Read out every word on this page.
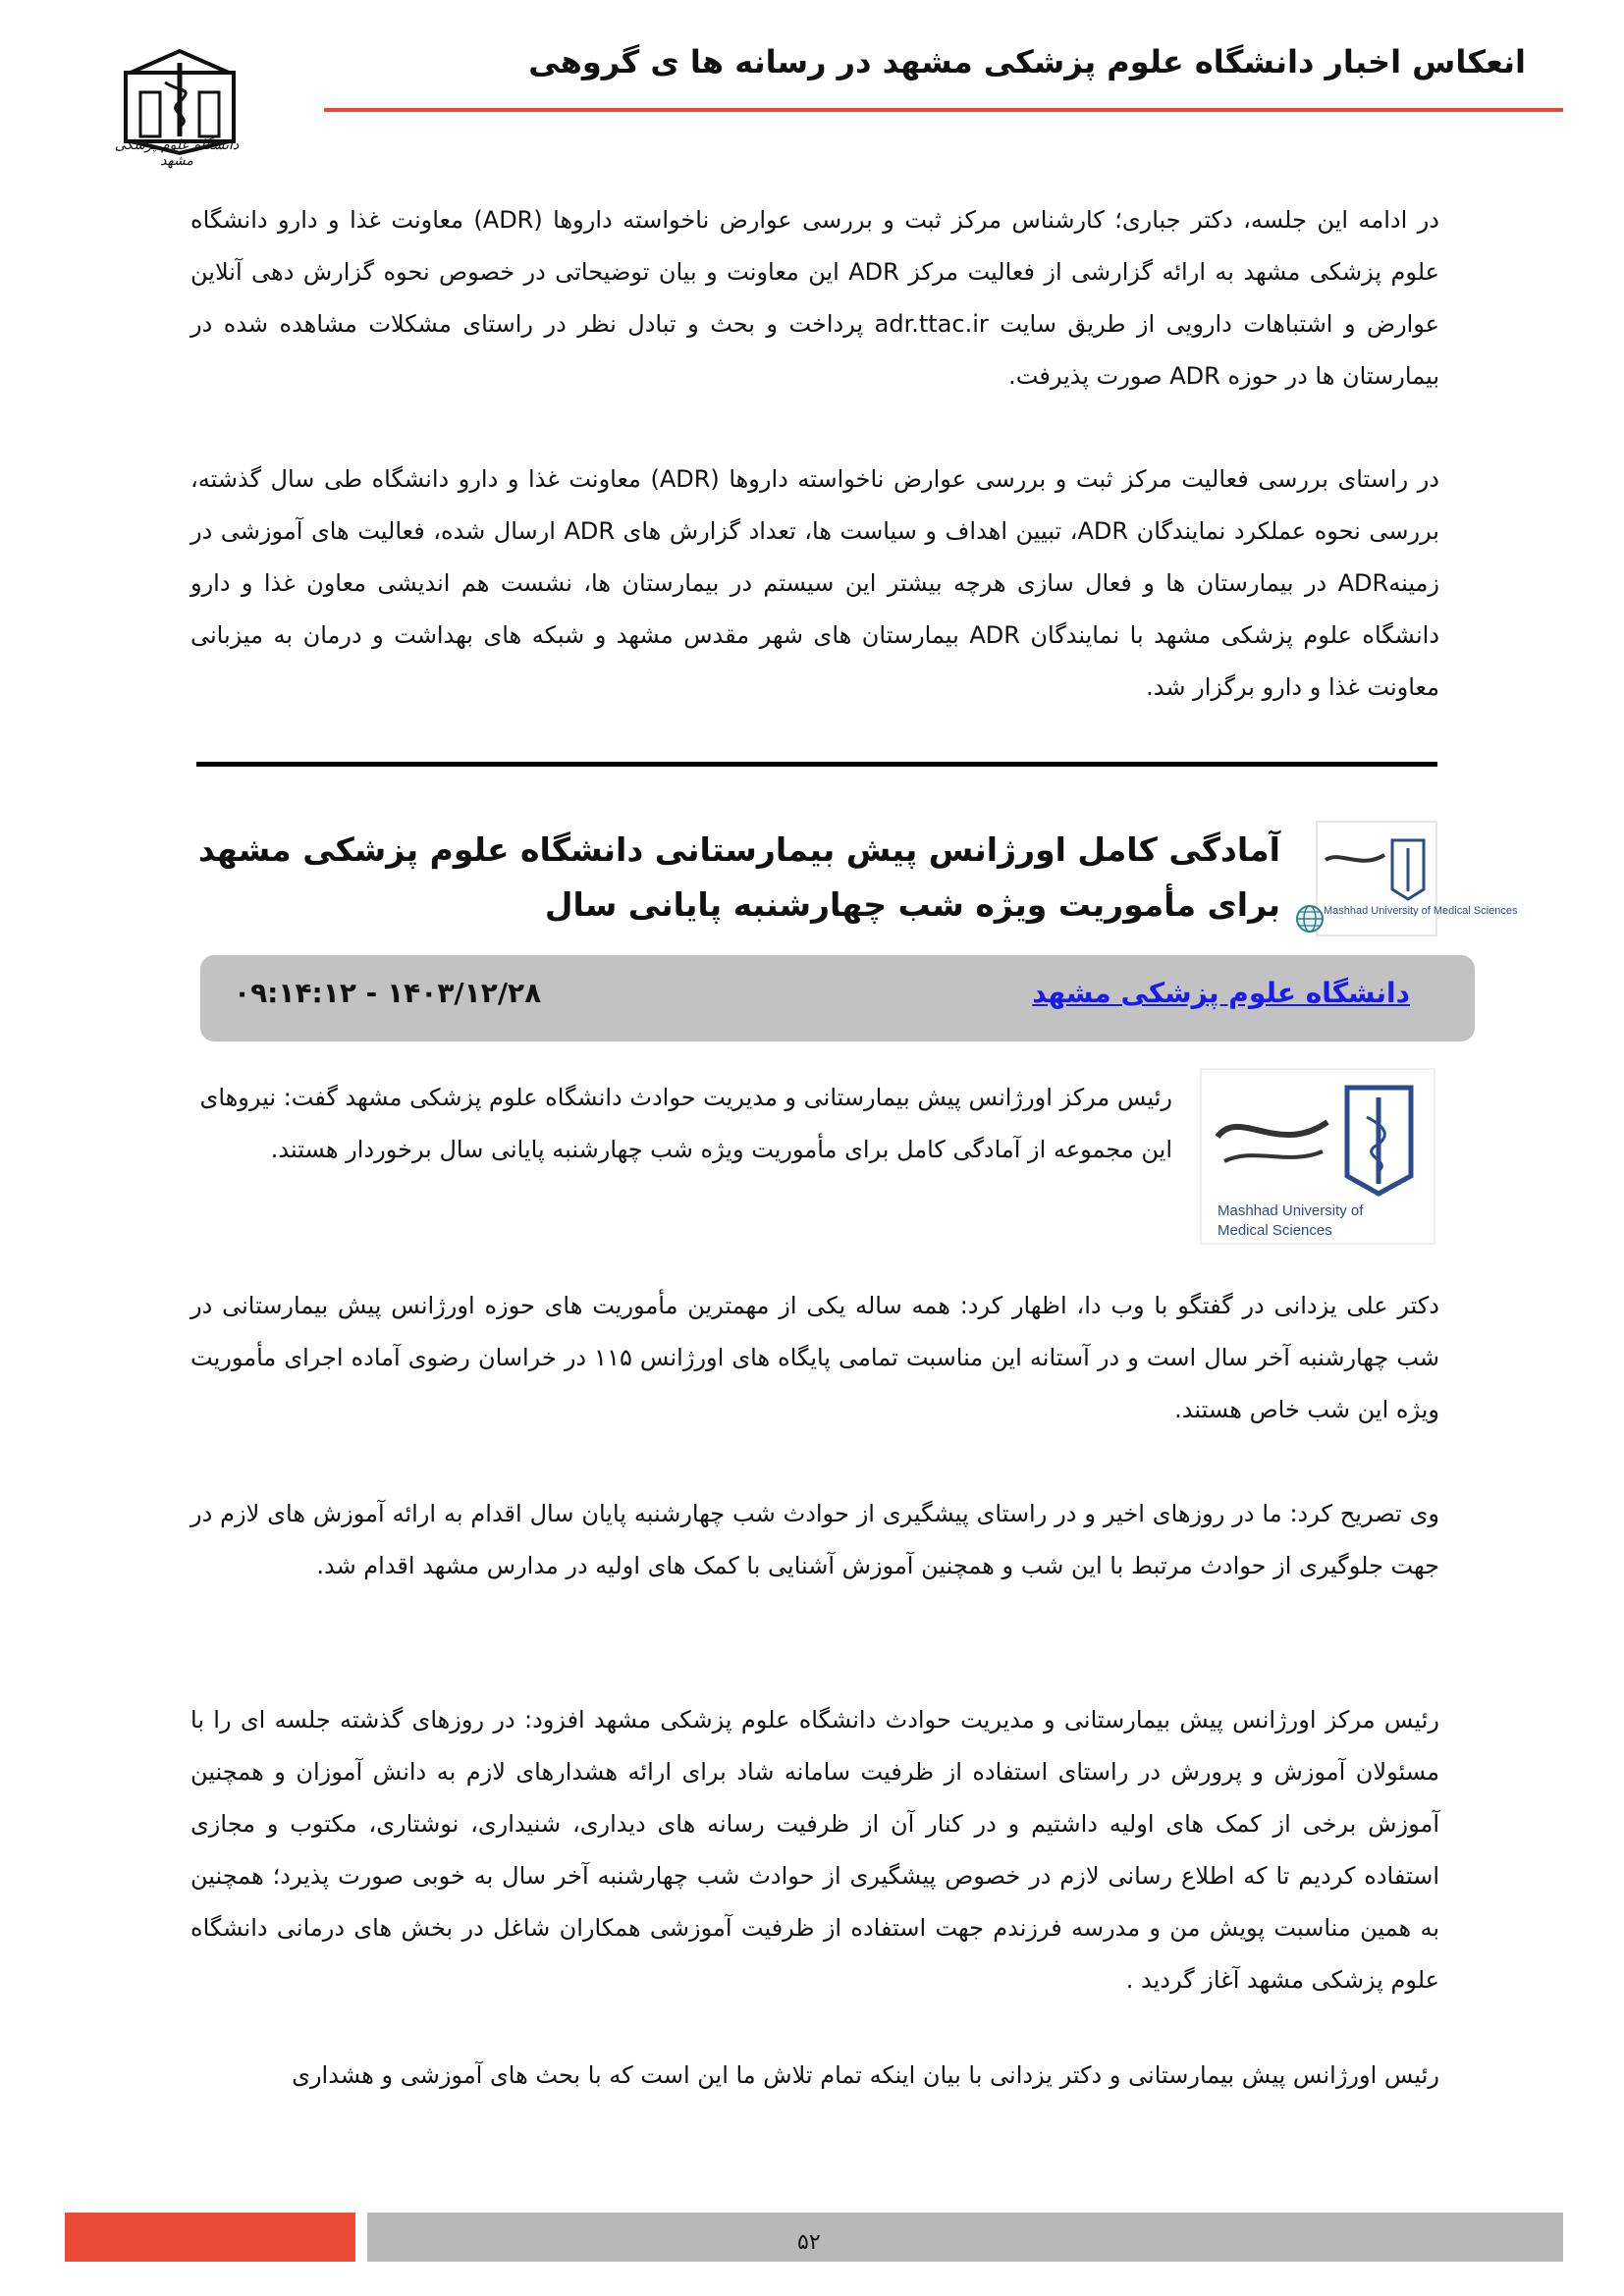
انعکاس اخبار دانشگاه علوم پزشکی مشهد در رسانه ها ی گروهی
دانشگاه علوم پزشکی مشهد
در ادامه این جلسه، دکتر جباری؛ کارشناس مرکز ثبت و بررسی عوارض ناخواسته داروها (ADR) معاونت غذا و دارو دانشگاه علوم پزشکی مشهد به ارائه گزارشی از فعالیت مرکز ADR این معاونت و بیان توضیحاتی در خصوص نحوه گزارش دهی آنلاین عوارض و اشتباهات دارویی از طریق سایت adr.ttac.ir پرداخت و بحث و تبادل نظر در راستای مشکلات مشاهده شده در بیمارستان ها در حوزه ADR صورت پذیرفت.
در راستای بررسی فعالیت مرکز ثبت و بررسی عوارض ناخواسته داروها (ADR) معاونت غذا و دارو دانشگاه طی سال گذشته، بررسی نحوه عملکرد نمایندگان ADR، تبیین اهداف و سیاست ها، تعداد گزارش های ADR ارسال شده، فعالیت های آموزشی در زمینهADR در بیمارستان ها و فعال سازی هرچه بیشتر این سیستم در بیمارستان ها، نشست هم اندیشی معاون غذا و دارو دانشگاه علوم پزشکی مشهد با نمایندگان ADR بیمارستان های شهر مقدس مشهد و شبکه های بهداشت و درمان به میزبانی معاونت غذا و دارو برگزار شد.
Mashhad University of Medical Sciences
آمادگی کامل اورژانس پیش بیمارستانی دانشگاه علوم پزشکی مشهد برای مأموریت ویژه شب چهارشنبه پایانی سال
دانشگاه علوم پزشکی مشهد
۱۴۰۳/۱۲/۲۸ - ۰۹:۱۴:۱۲
Mashhad University of
Medical Sciences
رئیس مرکز اورژانس پیش بیمارستانی و مدیریت حوادث دانشگاه علوم پزشکی مشهد گفت: نیروهای این مجموعه از آمادگی کامل برای مأموریت ویژه شب چهارشنبه پایانی سال برخوردار هستند.
دکتر علی یزدانی در گفتگو با وب دا، اظهار کرد: همه ساله یکی از مهمترین مأموریت های حوزه اورژانس پیش بیمارستانی در شب چهارشنبه آخر سال است و در آستانه این مناسبت تمامی پایگاه های اورژانس ۱۱۵ در خراسان رضوی آماده اجرای مأموریت ویژه این شب خاص هستند.
وی تصریح کرد: ما در روزهای اخیر و در راستای پیشگیری از حوادث شب چهارشنبه پایان سال اقدام به ارائه آموزش های لازم در جهت جلوگیری از حوادث مرتبط با این شب و همچنین آموزش آشنایی با کمک های اولیه در مدارس مشهد اقدام شد.
رئیس مرکز اورژانس پیش بیمارستانی و مدیریت حوادث دانشگاه علوم پزشکی مشهد افزود: در روزهای گذشته جلسه ای را با مسئولان آموزش و پرورش در راستای استفاده از ظرفیت سامانه شاد برای ارائه هشدارهای لازم به دانش آموزان و همچنین آموزش برخی از کمک های اولیه داشتیم و در کنار آن از ظرفیت رسانه های دیداری، شنیداری، نوشتاری، مکتوب و مجازی استفاده کردیم تا که اطلاع رسانی لازم در خصوص پیشگیری از حوادث شب چهارشنبه آخر سال به خوبی صورت پذیرد؛ همچنین به همین مناسبت پویش من و مدرسه فرزندم جهت استفاده از ظرفیت آموزشی همکاران شاغل در بخش های درمانی دانشگاه علوم پزشکی مشهد آغاز گردید .
رئیس اورژانس پیش بیمارستانی و دکتر یزدانی با بیان اینکه تمام تلاش ما این است که با بحث های آموزشی و هشداری
۵۲
